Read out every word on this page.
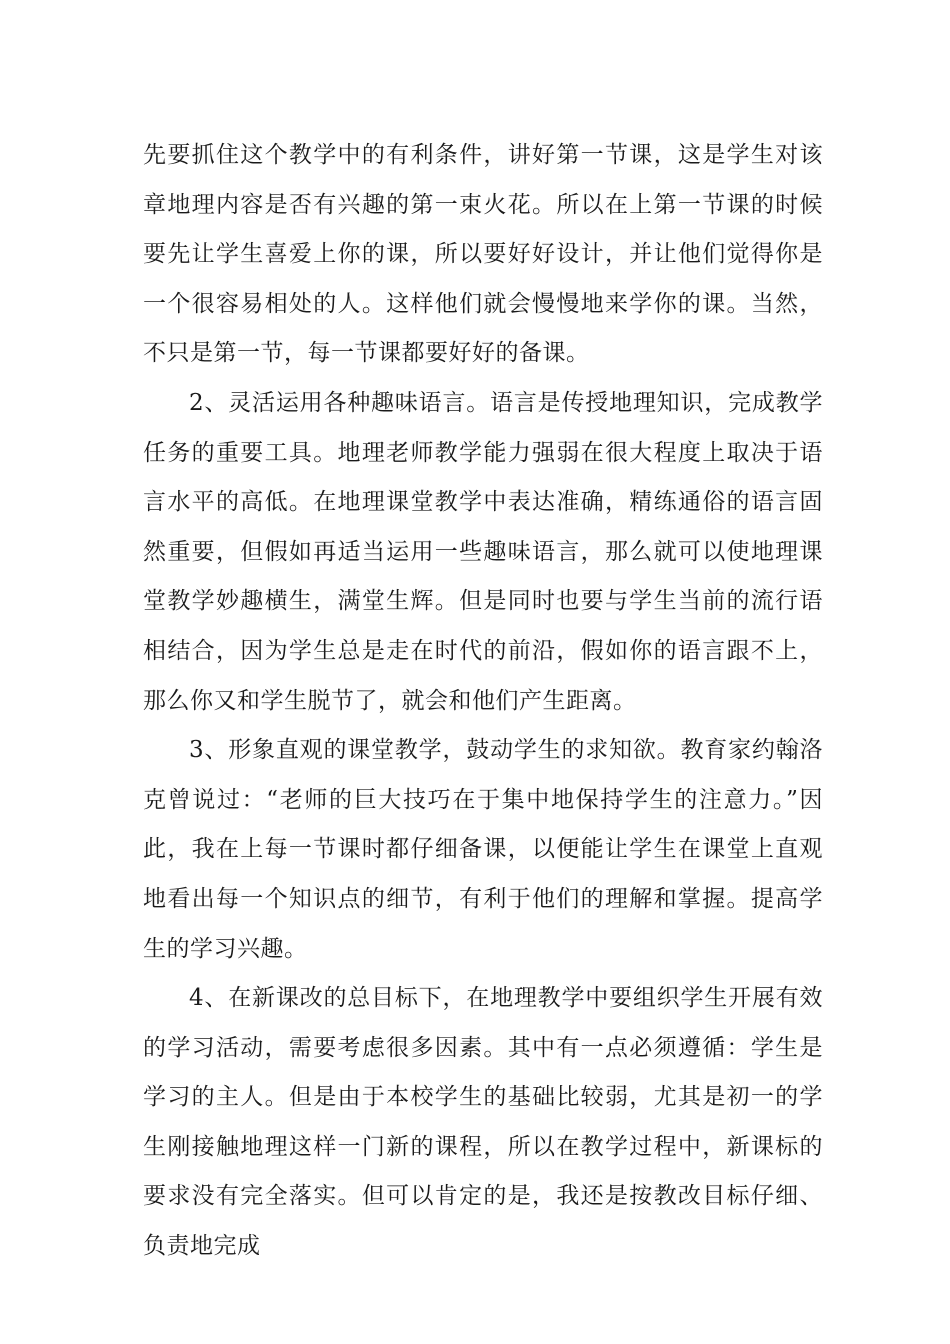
先要抓住这个教学中的有利条件，讲好第一节课，这是学生对该章地理内容是否有兴趣的第一束火花。所以在上第一节课的时候要先让学生喜爱上你的课，所以要好好设计，并让他们觉得你是一个很容易相处的人。这样他们就会慢慢地来学你的课。当然，不只是第一节，每一节课都要好好的备课。

2、灵活运用各种趣味语言。语言是传授地理知识，完成教学任务的重要工具。地理老师教学能力强弱在很大程度上取决于语言水平的高低。在地理课堂教学中表达准确，精练通俗的语言固然重要，但假如再适当运用一些趣味语言，那么就可以使地理课堂教学妙趣横生，满堂生辉。但是同时也要与学生当前的流行语相结合，因为学生总是走在时代的前沿，假如你的语言跟不上，那么你又和学生脱节了，就会和他们产生距离。

3、形象直观的课堂教学，鼓动学生的求知欲。教育家约翰洛克曾说过：“老师的巨大技巧在于集中地保持学生的注意力。”因此，我在上每一节课时都仔细备课，以便能让学生在课堂上直观地看出每一个知识点的细节，有利于他们的理解和掌握。提高学生的学习兴趣。

4、在新课改的总目标下，在地理教学中要组织学生开展有效的学习活动，需要考虑很多因素。其中有一点必须遵循：学生是学习的主人。但是由于本校学生的基础比较弱，尤其是初一的学生刚接触地理这样一门新的课程，所以在教学过程中，新课标的要求没有完全落实。但可以肯定的是，我还是按教改目标仔细、负责地完成
